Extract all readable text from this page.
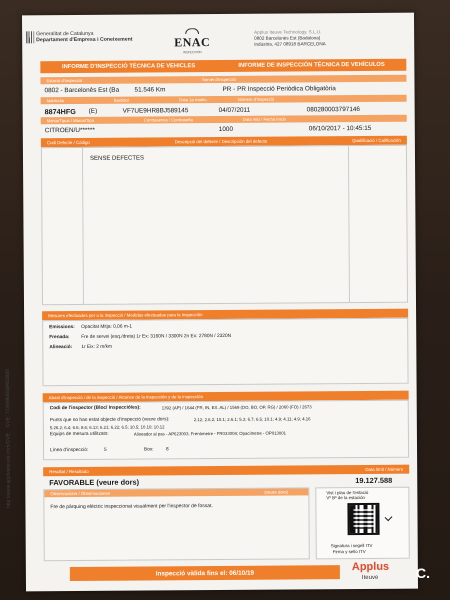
Generalitat de Catalunya
Departament d'Empresa i Coneixement	ENAC
INSPECCIÓN
Applus Iteuve Technology, S.L.U.
0802 Barcelonès Est (Badalona)
Indústria, 427 08918 BARCELONA
INFORME D'INSPECCIÓ TÈCNICA DE VEHICLES	INFORME DE INSPECCIÓN TÉCNICA DE VEHÍCULOS
Estació d'Inspecció	Servei d'inspecció
0802 - Barcelonès Est (Ba 51.546 Km	PR - PR Inspecció Periòdica Obligatòria
Matrícula	Bastidor	Data 1a matric.	Número d'inspecció
8874HFG (E)	VF7UE9HR8BJ589145	04/07/2011	080280003797146
Marca/Tipus / Marca/Tipo	Contrasenya / Contraseña	Data inici / Fecha inicio
CITROEN/U******	1000	06/10/2017 - 10:45:15
Codi Defecte / Código	Descripció del defecte / Descripción del defecto	Qualificació / Calificación
SENSE DEFECTES
Mesures efectuades per a la inspecció / Medidas efectuadas para la inspección
Emissions: Opacitat Mitja: 0,06 m-1
Frenada: Fre de servei (esq./dreta) 1r Ex: 3160N / 3300N 2n Ex: 2780N / 2320N
Alineació: 1r Eix: 2 m/km
Abast d'inspecció i de la inspecció / Alcance de la inspección y de la inspección
Codi de l'inspector (Bloc/ Inspecció/es):	1392 (AP) / 1644 (FR, IN, EX, AL) / 1569 (DO, BO, OP, RG) / 2060 (FO) / 2673
Punts que no han estat objecte d'inspecció (veure dors):	2.12; 2.6.2; 10.1; 2.6.1; 5.3; 6.7; 6.5; 10.1; 4.9; 4.11; 4.9; 4.16
5.26.2; 6.4; 6.6; 8.6; 6.13; 6.21; 6.22; 6.5; 10.5; 10.10; 10.12
Equips de mesura utilitzats:	Alineador al pas - AP623003; Frenòmetre - FR033004; Opacímetre - OP013001
Línea d'inspecció:	5	Box:	8
Resultat / Resultado	Data límit / Número
FAVORABLE (veure dors)	19.127.588
Observacions / Observaciones	(veure dors)
Fre de pàrquing elèctric inspeccionat visualment per l'inspector de fossat.
Vist i plau de l'estació
Vº Bº de la estación
Signatura i segell ITV
Firma y sello ITV
Inspecció vàlida fins el: 06/10/19
Applus
Iteuve
http://www.applusiteuve.com/CVE    CVE: 7728960003R03800
C.
